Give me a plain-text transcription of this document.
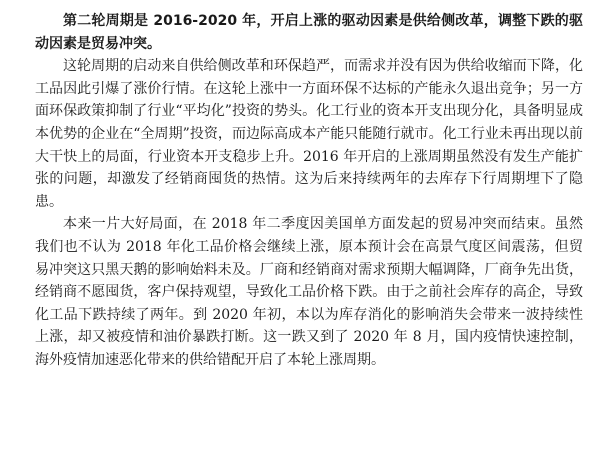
第二轮周期是 2016-2020 年，开启上涨的驱动因素是供给侧改革，调整下跌的驱动因素是贸易冲突。

这轮周期的启动来自供给侧改革和环保趋严，而需求并没有因为供给收缩而下降，化工品因此引爆了涨价行情。在这轮上涨中一方面环保不达标的产能永久退出竞争；另一方面环保政策抑制了行业“平均化”投资的势头。化工行业的资本开支出现分化，具备明显成本优势的企业在“全周期”投资，而边际高成本产能只能随行就市。化工行业未再出现以前大干快上的局面，行业资本开支稳步上升。2016 年开启的上涨周期虽然没有发生产能扩张的问题，却激发了经销商囤货的热情。这为后来持续两年的去库存下行周期埋下了隐患。

本来一片大好局面，在 2018 年二季度因美国单方面发起的贸易冲突而结束。虽然我们也不认为 2018 年化工品价格会继续上涨，原本预计会在高景气度区间震荡，但贸易冲突这只黑天鹅的影响始料未及。厂商和经销商对需求预期大幅调降，厂商争先出货，经销商不愿囤货，客户保持观望，导致化工品价格下跌。由于之前社会库存的高企，导致化工品下跌持续了两年。到 2020 年初，本以为库存消化的影响消失会带来一波持续性上涨，却又被疫情和油价暴跌打断。这一跌又到了 2020 年 8 月，国内疫情快速控制，海外疫情加速恶化带来的供给错配开启了本轮上涨周期。
